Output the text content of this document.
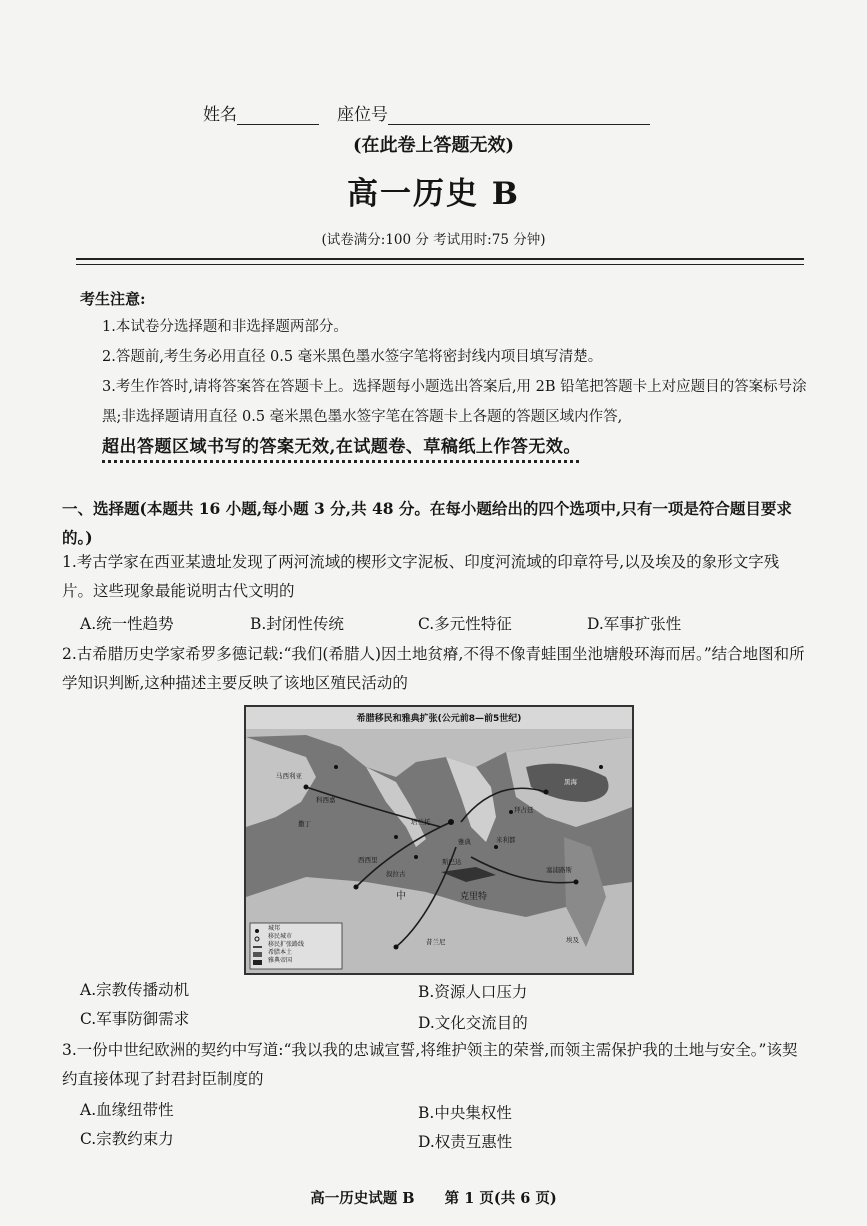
姓名	座位号
(在此卷上答题无效)
高一历史 B
(试卷满分:100 分 考试用时:75 分钟)
考生注意:
1.本试卷分选择题和非选择题两部分。
2.答题前,考生务必用直径 0.5 毫米黑色墨水签字笔将密封线内项目填写清楚。
3.考生作答时,请将答案答在答题卡上。选择题每小题选出答案后,用 2B 铅笔把答题卡上对应题目的答案标号涂黑;非选择题请用直径 0.5 毫米黑色墨水签字笔在答题卡上各题的答题区域内作答,
超出答题区域书写的答案无效,在试题卷、草稿纸上作答无效。
一、选择题(本题共 16 小题,每小题 3 分,共 48 分。在每小题给出的四个选项中,只有一项是符合题目要求的。)
1.考古学家在西亚某遗址发现了两河流域的楔形文字泥板、印度河流域的印章符号,以及埃及的象形文字残片。这些现象最能说明古代文明的
A.统一性趋势	B.封闭性传统	C.多元性特征	D.军事扩张性
2.古希腊历史学家希罗多德记载:“我们(希腊人)因土地贫瘠,不得不像青蛙围坐池塘般环海而居。”结合地图和所学知识判断,这种描述主要反映了该地区殖民活动的
希腊移民和雅典扩张(公元前8—前5世纪)
中	克里特
马西利亚
科西嘉
撒丁
西西里
叙拉古
塔兰托
雅典
斯巴达
拜占廷
米利都
昔兰尼
塞浦路斯
黑海
埃及
城邦
移民城市
移民扩张路线
希腊本土
雅典帝国
A.宗教传播动机	B.资源人口压力
C.军事防御需求	D.文化交流目的
3.一份中世纪欧洲的契约中写道:“我以我的忠诚宣誓,将维护领主的荣誉,而领主需保护我的土地与安全。”该契约直接体现了封君封臣制度的
A.血缘纽带性	B.中央集权性
C.宗教约束力	D.权责互惠性
高一历史试题 B 第 1 页(共 6 页)
